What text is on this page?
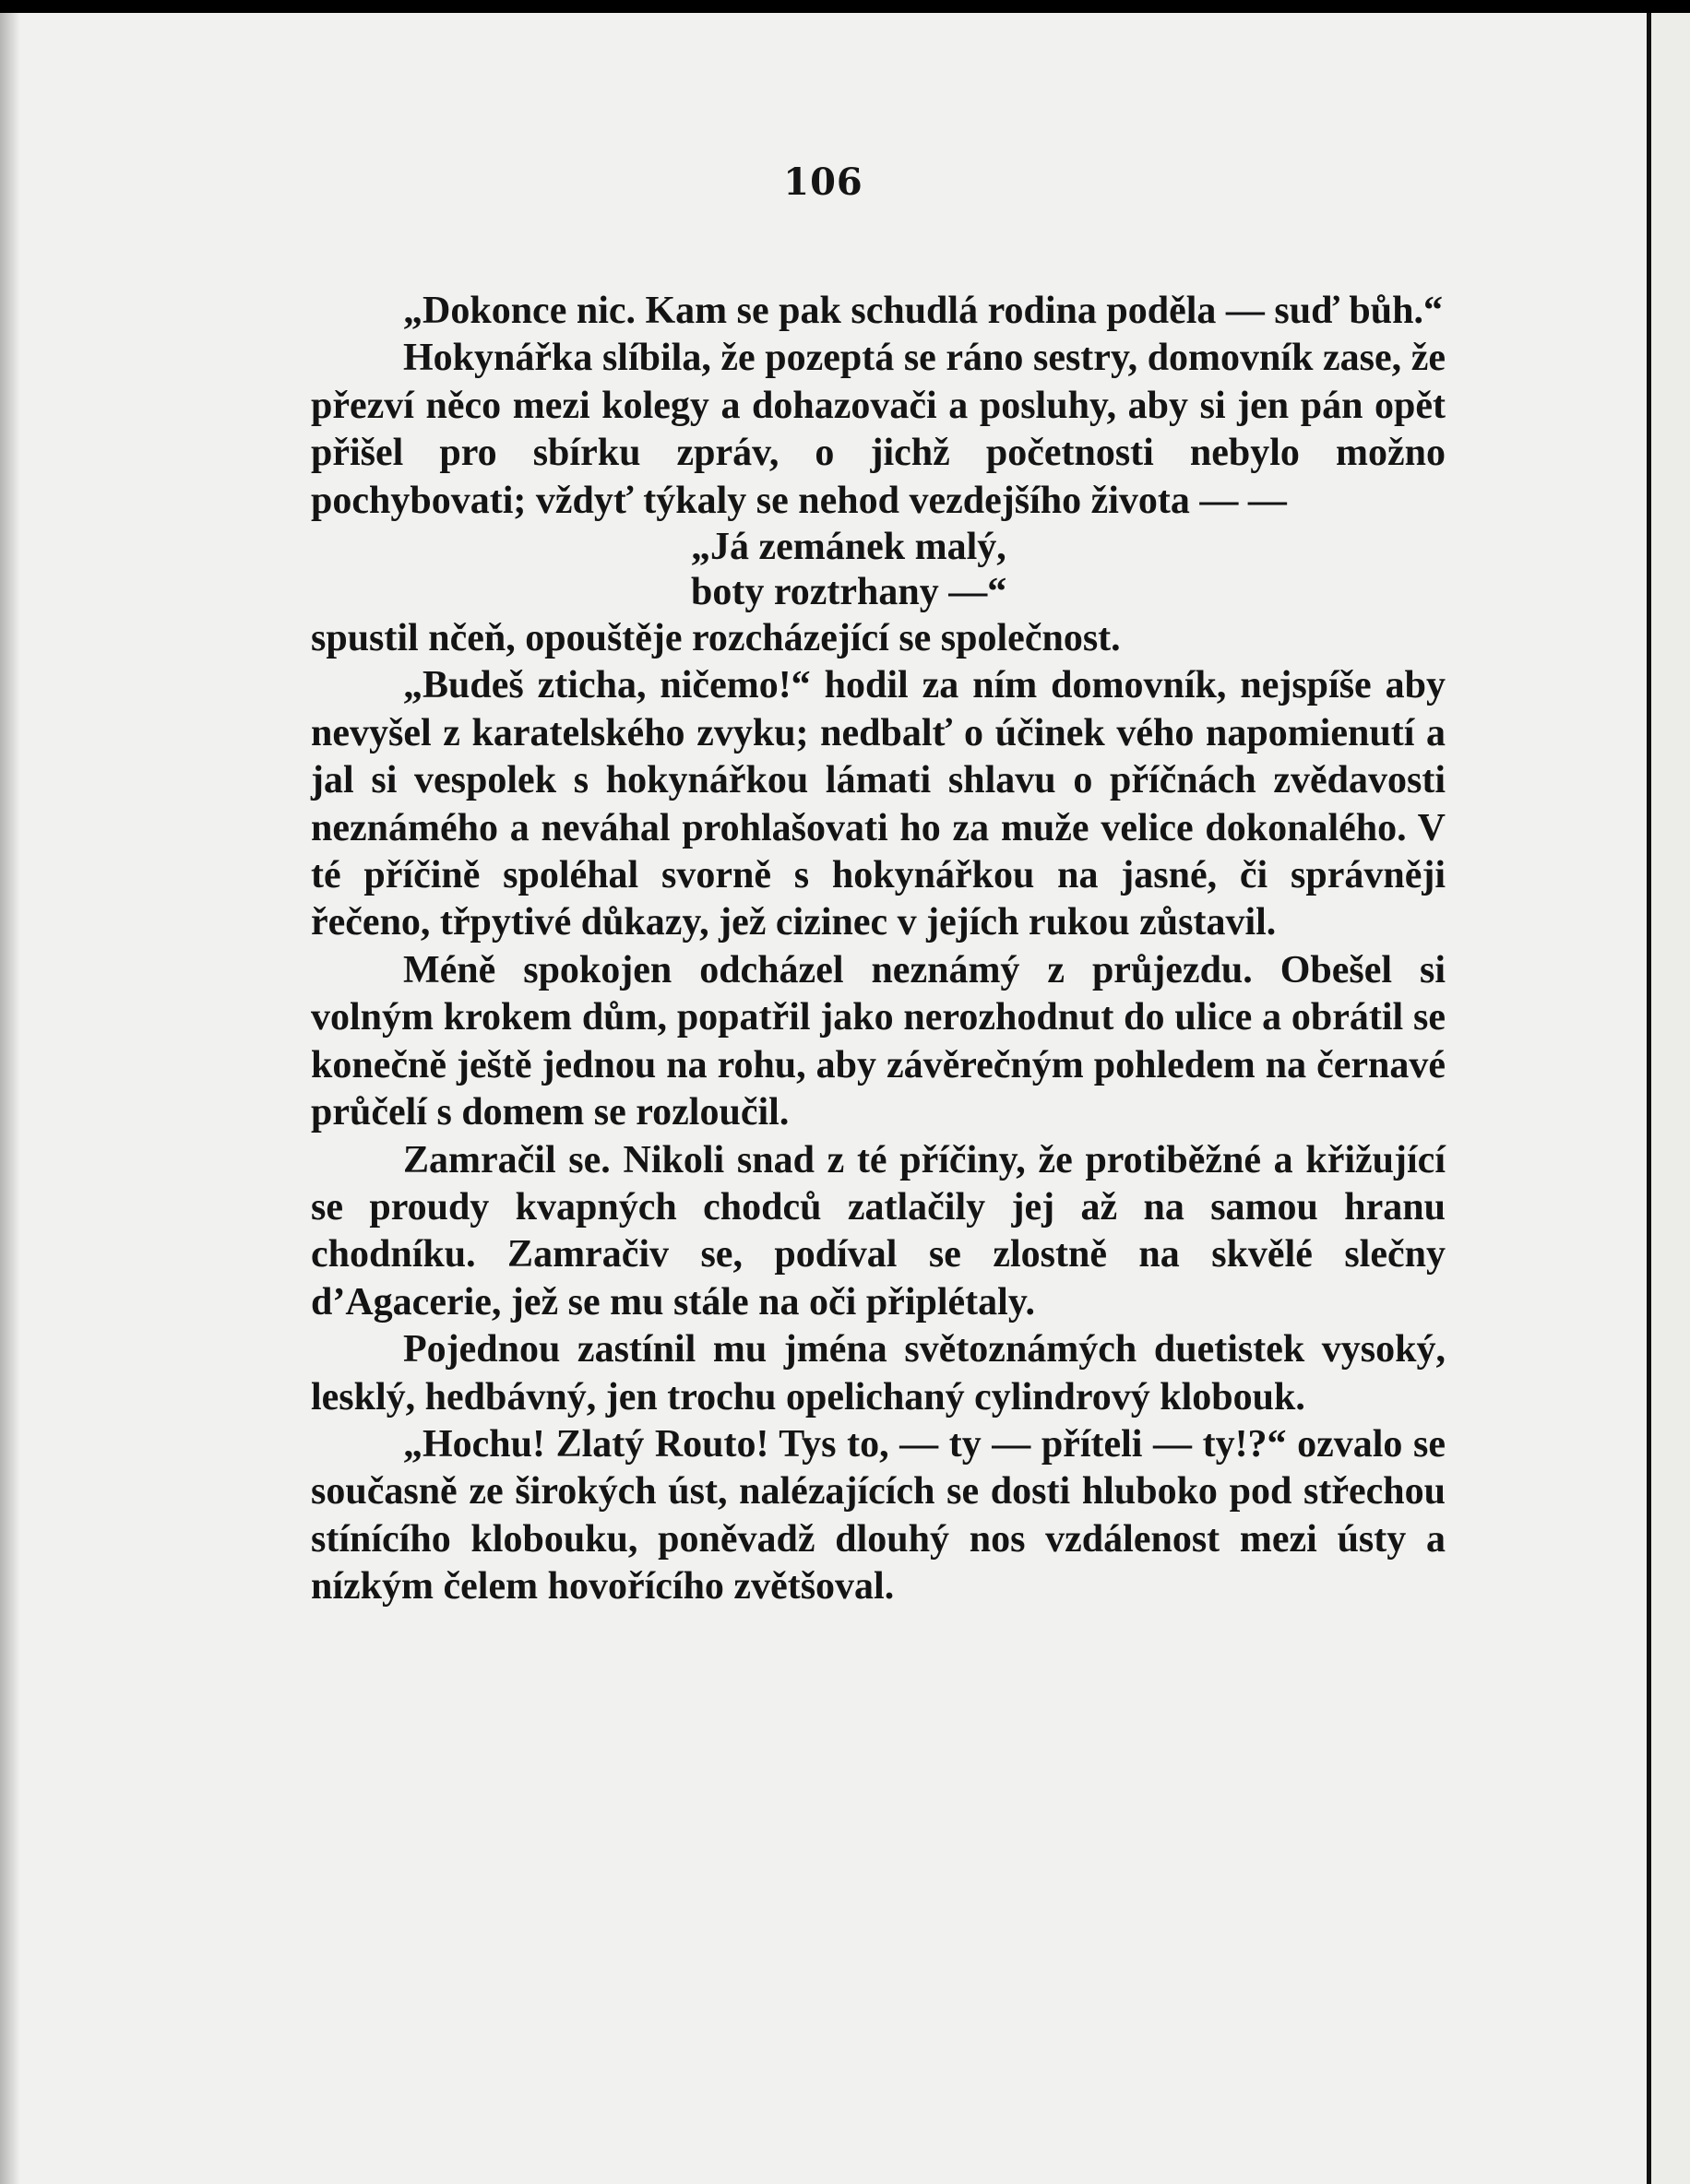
106

„Dokonce nic. Kam se pak schudlá rodina poděla — suď bůh.“

Hokynářka slíbila, že pozeptá se ráno sestry, domovník zase, že přezví něco mezi kolegy a dohazovači a posluhy, aby si jen pán opět přišel pro sbírku zpráv, o jichž početnosti nebylo možno pochybovati; vždyť týkaly se nehod vezdejšího života — —

„Já zemánek malý,
boty roztrhany —“

spustil nčeň, opouštěje rozcházející se společnost.

„Budeš zticha, ničemo!“ hodil za ním domovník, nejspíše aby nevyšel z karatelského zvyku; nedbalť o účinek vého napomienutí a jal si vespolek s hokynářkou lámati shlavu o příčnách zvědavosti neznámého a neváhal prohlašovati ho za muže velice dokonalého. V té příčině spoléhal svorně s hokynářkou na jasné, či správněji řečeno, třpytivé důkazy, jež cizinec v jejích rukou zůstavil.

Méně spokojen odcházel neznámý z průjezdu. Obešel si volným krokem dům, popatřil jako nerozhodnut do ulice a obrátil se konečně ještě jednou na rohu, aby závěrečným pohledem na černavé průčelí s domem se rozloučil.

Zamračil se. Nikoli snad z té příčiny, že protiběžné a křižující se proudy kvapných chodců zatlačily jej až na samou hranu chodníku. Zamračiv se, podíval se zlostně na skvělé slečny d’Agacerie, jež se mu stále na oči připlétaly.

Pojednou zastínil mu jména světoznámých duetistek vysoký, lesklý, hedbávný, jen trochu opelichaný cylindrový klobouk.

„Hochu! Zlatý Routo! Tys to, — ty — příteli — ty!?“ ozvalo se současně ze širokých úst, nalézajících se dosti hluboko pod střechou stínícího klobouku, poněvadž dlouhý nos vzdálenost mezi ústy a nízkým čelem hovořícího zvětšoval.
